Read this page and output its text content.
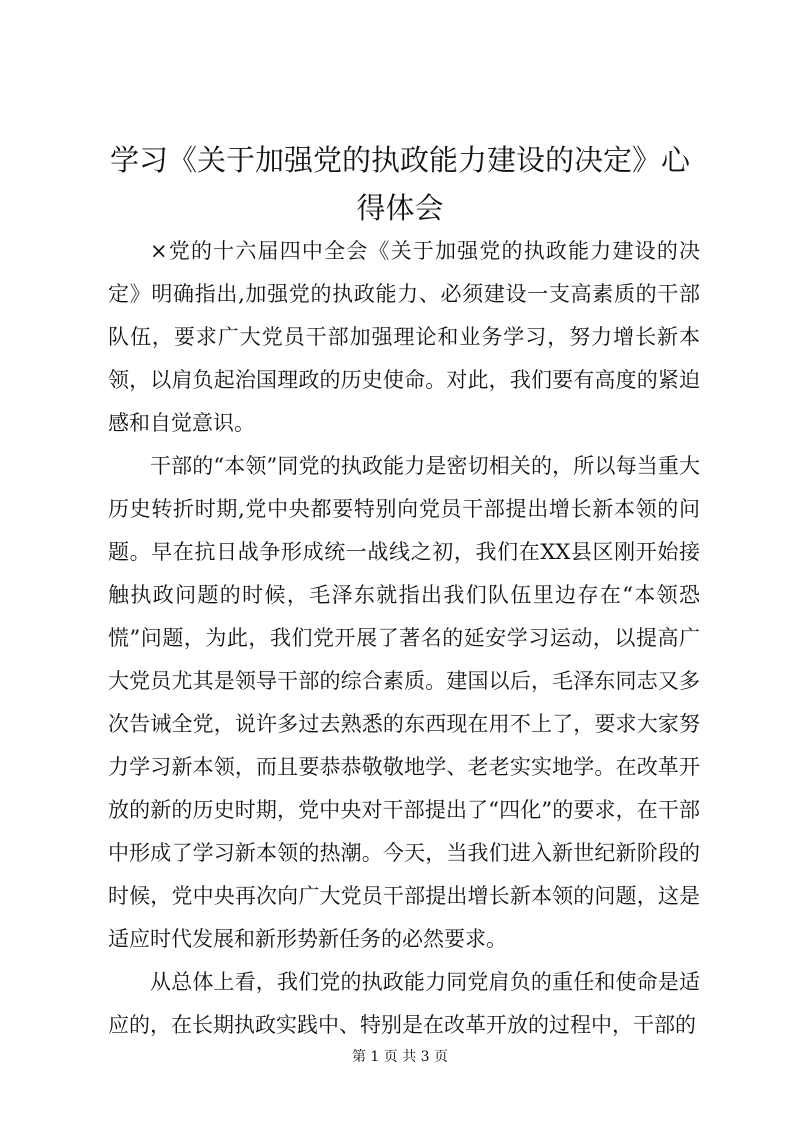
学习《关于加强党的执政能力建设的决定》心得体会

×党的十六届四中全会《关于加强党的执政能力建设的决定》明确指出,加强党的执政能力、必须建设一支高素质的干部队伍，要求广大党员干部加强理论和业务学习，努力增长新本领，以肩负起治国理政的历史使命。对此，我们要有高度的紧迫感和自觉意识。

干部的“本领”同党的执政能力是密切相关的，所以每当重大历史转折时期,党中央都要特别向党员干部提出增长新本领的问题。早在抗日战争形成统一战线之初，我们在XX县区刚开始接触执政问题的时候，毛泽东就指出我们队伍里边存在“本领恐慌”问题，为此，我们党开展了著名的延安学习运动，以提高广大党员尤其是领导干部的综合素质。建国以后，毛泽东同志又多次告诫全党，说许多过去熟悉的东西现在用不上了，要求大家努力学习新本领，而且要恭恭敬敬地学、老老实实地学。在改革开放的新的历史时期，党中央对干部提出了“四化”的要求，在干部中形成了学习新本领的热潮。今天，当我们进入新世纪新阶段的时候，党中央再次向广大党员干部提出增长新本领的问题，这是适应时代发展和新形势新任务的必然要求。

从总体上看，我们党的执政能力同党肩负的重任和使命是适应的，在长期执政实践中、特别是在改革开放的过程中，干部的

第 1 页 共 3 页
